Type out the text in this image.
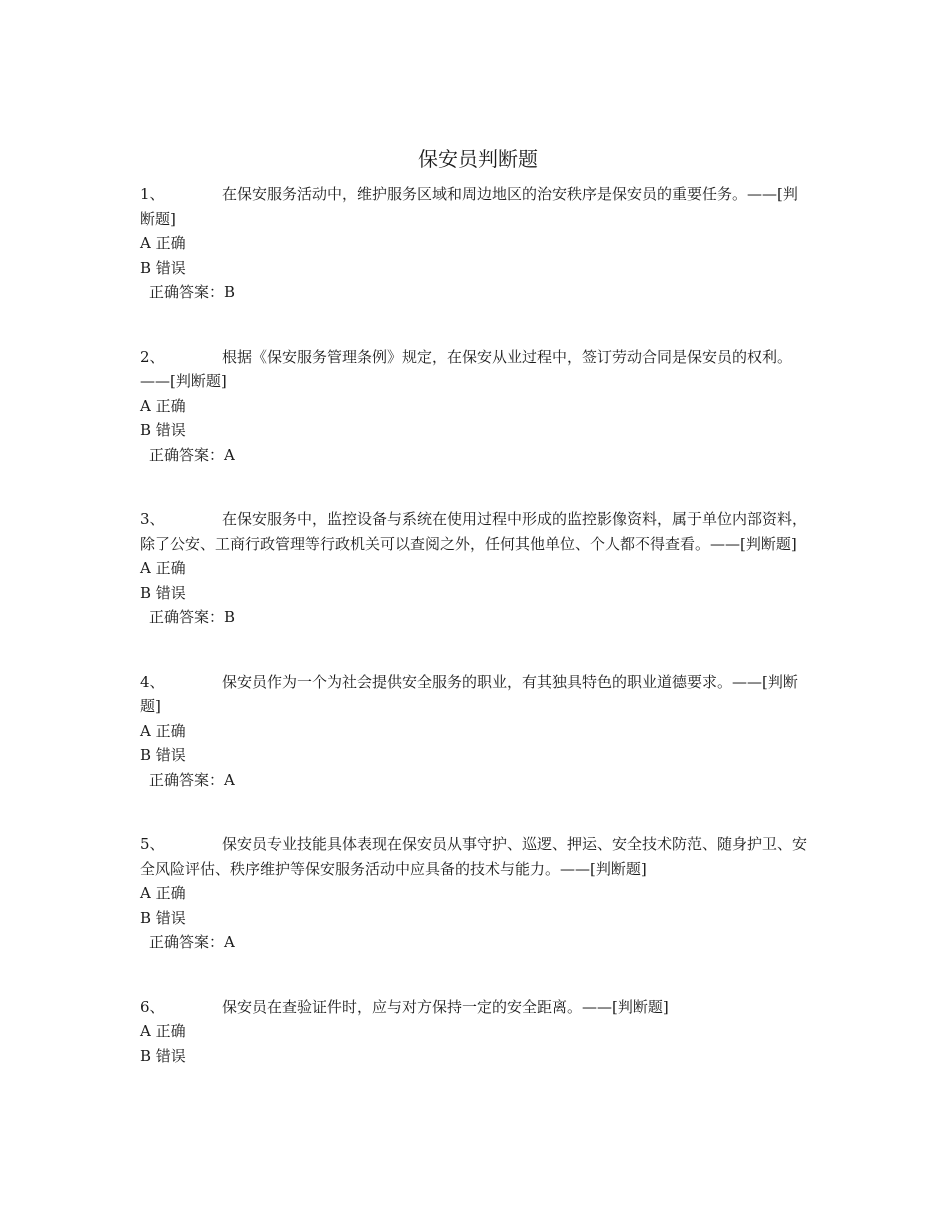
保安员判断题
1、	在保安服务活动中，维护服务区域和周边地区的治安秩序是保安员的重要任务。——[判断题]
A 正确
B 错误
正确答案：B
2、	根据《保安服务管理条例》规定，在保安从业过程中，签订劳动合同是保安员的权利。——[判断题]
A 正确
B 错误
正确答案：A
3、	在保安服务中，监控设备与系统在使用过程中形成的监控影像资料，属于单位内部资料，除了公安、工商行政管理等行政机关可以查阅之外，任何其他单位、个人都不得查看。——[判断题]
A 正确
B 错误
正确答案：B
4、	保安员作为一个为社会提供安全服务的职业，有其独具特色的职业道德要求。——[判断题]
A 正确
B 错误
正确答案：A
5、	保安员专业技能具体表现在保安员从事守护、巡逻、押运、安全技术防范、随身护卫、安全风险评估、秩序维护等保安服务活动中应具备的技术与能力。——[判断题]
A 正确
B 错误
正确答案：A
6、	保安员在查验证件时，应与对方保持一定的安全距离。——[判断题]
A 正确
B 错误
